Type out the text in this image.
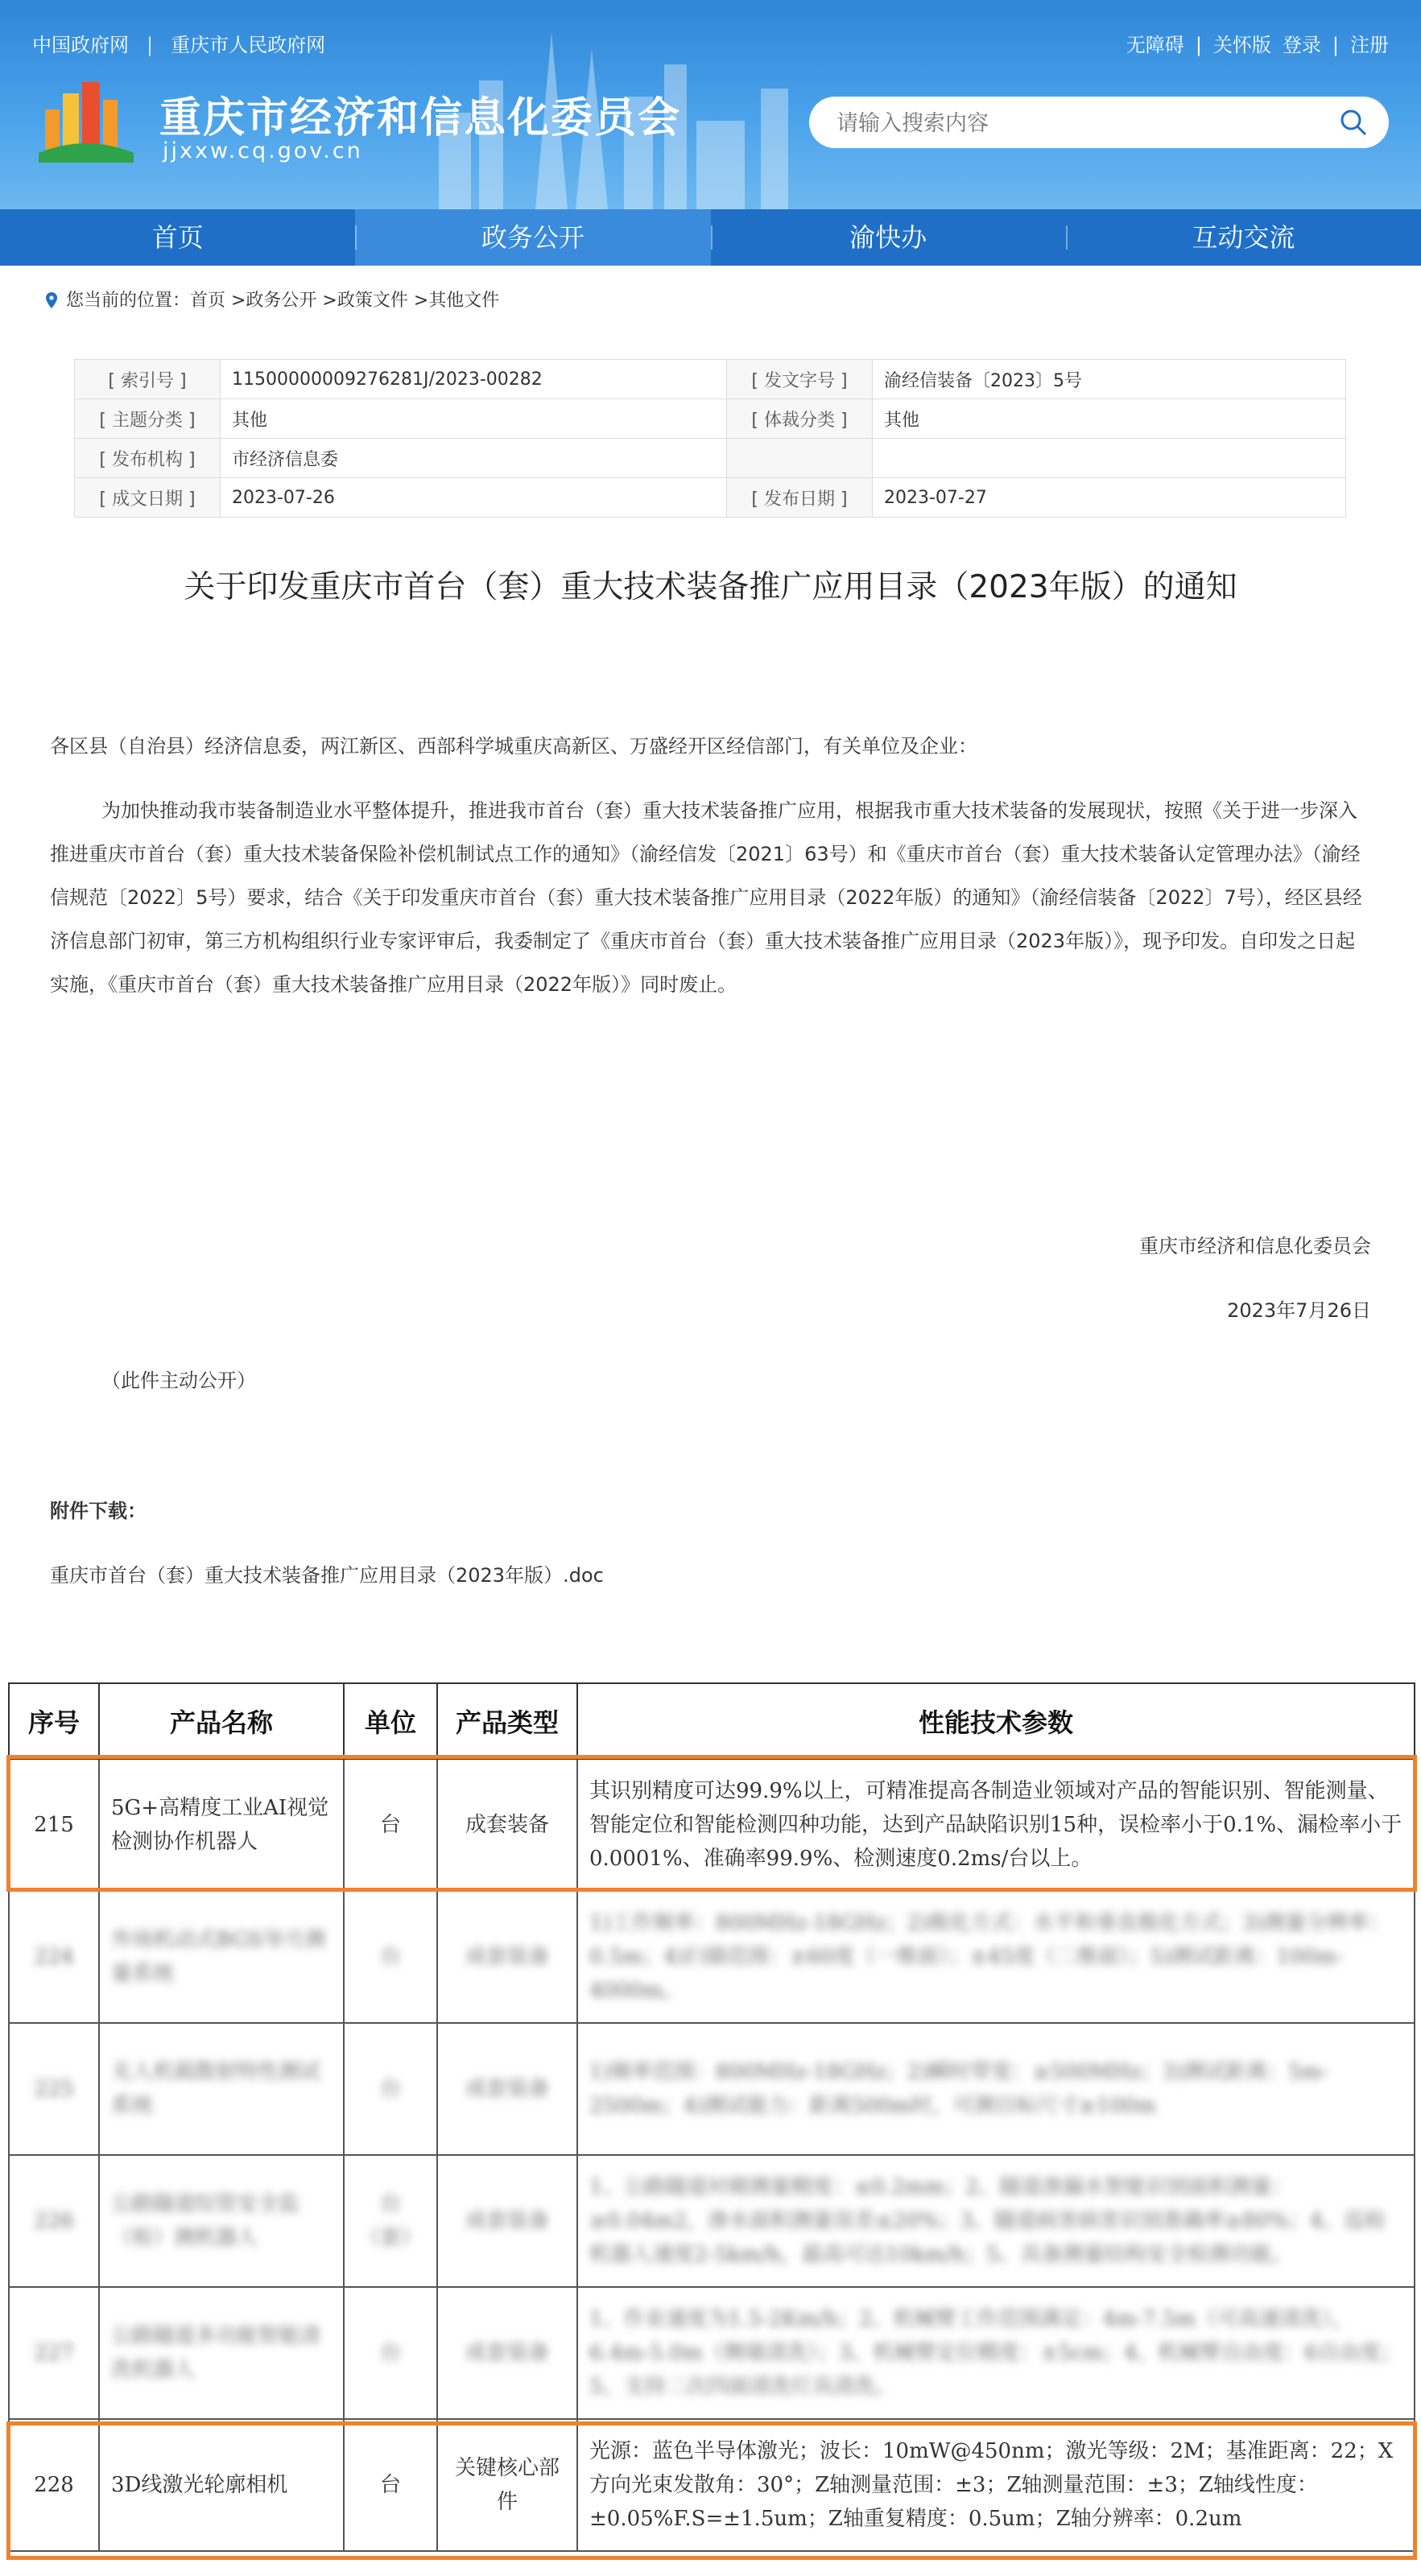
中国政府网 | 重庆市人民政府网	无障碍 | 关怀版 登录 | 注册
重庆市经济和信息化委员会
jjxxw.cq.gov.cn
请输入搜索内容
首页	政务公开	渝快办	互动交流
您当前的位置：首页 >政务公开 >政策文件 >其他文件
[ 索引号 ]	11500000009276281J/2023-00282	[ 发文字号 ]	渝经信装备〔2023〕5号
[ 主题分类 ]	其他	[ 体裁分类 ]	其他
[ 发布机构 ]	市经济信息委		
[ 成文日期 ]	2023-07-26	[ 发布日期 ]	2023-07-27
关于印发重庆市首台（套）重大技术装备推广应用目录（2023年版）的通知
各区县（自治县）经济信息委，两江新区、西部科学城重庆高新区、万盛经开区经信部门，有关单位及企业：
为加快推动我市装备制造业水平整体提升，推进我市首台（套）重大技术装备推广应用，根据我市重大技术装备的发展现状，按照《关于进一步深入推进重庆市首台（套）重大技术装备保险补偿机制试点工作的通知》（渝经信发〔2021〕63号）和《重庆市首台（套）重大技术装备认定管理办法》（渝经信规范〔2022〕5号）要求，结合《关于印发重庆市首台（套）重大技术装备推广应用目录（2022年版）的通知》（渝经信装备〔2022〕7号），经区县经济信息部门初审，第三方机构组织行业专家评审后，我委制定了《重庆市首台（套）重大技术装备推广应用目录（2023年版）》，现予印发。自印发之日起实施，《重庆市首台（套）重大技术装备推广应用目录（2022年版）》同时废止。
重庆市经济和信息化委员会
2023年7月26日
（此件主动公开）
附件下载：
重庆市首台（套）重大技术装备推广应用目录（2023年版）.doc
序号	产品名称	单位	产品类型	性能技术参数
215	5G+高精度工业AI视觉检测协作机器人	台	成套装备	其识别精度可达99.9%以上，可精准提高各制造业领域对产品的智能识别、智能测量、智能定位和智能检测四种功能，达到产品缺陷识别15种，误检率小于0.1%、漏检率小于0.0001%、准确率99.9%、检测速度0.2ms/台以上。
224	外场机动式BGS导月测量系统	台	成套装备	1)工作频率：800MHz-18GHz；2)极化方式：水平和垂直极化方式；3)测量分辨率：0.5m；4)扫描范围：±60度（一维面）；±45度（二维面）；5)测试距离：100m-4000m。
225	无人机载散射特性测试系统	台	成套装备	1)频率范围：800MHz-18GHz；2)瞬时带宽：≥500MHz；3)测试距离：5m-2500m；4)测试能力：距离500m时，可测目标尺寸≥100m
226	公路隧道综管安全监（检）测机器人	台（套）	成套装备	1、公路隧道衬砌测量精度：≤0.2mm；2、隧道渗漏水智能识别面积测量：≥0.04m2，渗水面积测量误差≤20%；3、隧道病害病害识别准确率≥80%；4、巡检机器人速度2-5km/h，最高可达10km/h；5、具备测量结构安全检测功能。
227	公路隧道多功能智能清洗机器人	台	成套装备	1、作业速度为1.5-2Km/h；2、机械臂工作范围满足：4m-7.5m（可高速清洗），6.4m-5.0m（侧墙清洗）；3、机械臂定位精度：±5cm；4、机械臂自由度：6自由度；5、支持二次四面清洗灯具清洗。
228	3D线激光轮廓相机	台	关键核心部件	光源：蓝色半导体激光；波长：10mW@450nm；激光等级：2M；基准距离：22；X方向光束发散角：30°；Z轴测量范围：±3；Z轴测量范围：±3；Z轴线性度：±0.05%F.S=±1.5um；Z轴重复精度：0.5um；Z轴分辨率：0.2um
